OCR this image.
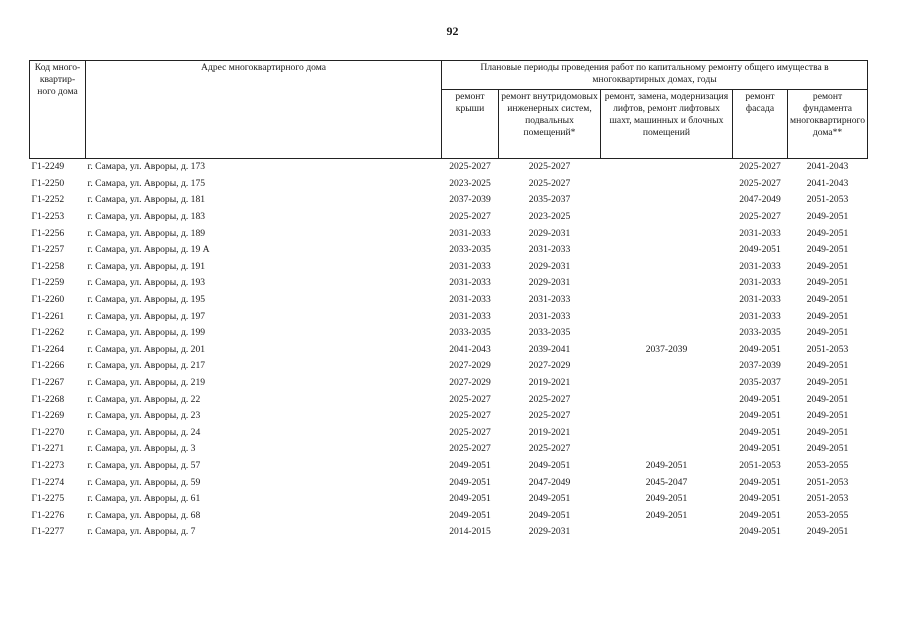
92
Код много-квартир-ного дома	Адрес многоквартирного дома	Плановые периоды проведения работ по капитальному ремонту общего имущества в многоквартирных домах, годы				
		ремонт крыши	ремонт внутридомовых инженерных систем, подвальных помещений*	ремонт, замена, модернизация лифтов, ремонт лифтовых шахт, машинных и блочных помещений	ремонт фасада	ремонт фундамента многоквартирного дома**
Г1-2249	г. Самара, ул. Авроры, д. 173	2025-2027	2025-2027		2025-2027	2041-2043
Г1-2250	г. Самара, ул. Авроры, д. 175	2023-2025	2025-2027		2025-2027	2041-2043
Г1-2252	г. Самара, ул. Авроры, д. 181	2037-2039	2035-2037		2047-2049	2051-2053
Г1-2253	г. Самара, ул. Авроры, д. 183	2025-2027	2023-2025		2025-2027	2049-2051
Г1-2256	г. Самара, ул. Авроры, д. 189	2031-2033	2029-2031		2031-2033	2049-2051
Г1-2257	г. Самара, ул. Авроры, д. 19 А	2033-2035	2031-2033		2049-2051	2049-2051
Г1-2258	г. Самара, ул. Авроры, д. 191	2031-2033	2029-2031		2031-2033	2049-2051
Г1-2259	г. Самара, ул. Авроры, д. 193	2031-2033	2029-2031		2031-2033	2049-2051
Г1-2260	г. Самара, ул. Авроры, д. 195	2031-2033	2031-2033		2031-2033	2049-2051
Г1-2261	г. Самара, ул. Авроры, д. 197	2031-2033	2031-2033		2031-2033	2049-2051
Г1-2262	г. Самара, ул. Авроры, д. 199	2033-2035	2033-2035		2033-2035	2049-2051
Г1-2264	г. Самара, ул. Авроры, д. 201	2041-2043	2039-2041	2037-2039	2049-2051	2051-2053
Г1-2266	г. Самара, ул. Авроры, д. 217	2027-2029	2027-2029		2037-2039	2049-2051
Г1-2267	г. Самара, ул. Авроры, д. 219	2027-2029	2019-2021		2035-2037	2049-2051
Г1-2268	г. Самара, ул. Авроры, д. 22	2025-2027	2025-2027		2049-2051	2049-2051
Г1-2269	г. Самара, ул. Авроры, д. 23	2025-2027	2025-2027		2049-2051	2049-2051
Г1-2270	г. Самара, ул. Авроры, д. 24	2025-2027	2019-2021		2049-2051	2049-2051
Г1-2271	г. Самара, ул. Авроры, д. 3	2025-2027	2025-2027		2049-2051	2049-2051
Г1-2273	г. Самара, ул. Авроры, д. 57	2049-2051	2049-2051	2049-2051	2051-2053	2053-2055
Г1-2274	г. Самара, ул. Авроры, д. 59	2049-2051	2047-2049	2045-2047	2049-2051	2051-2053
Г1-2275	г. Самара, ул. Авроры, д. 61	2049-2051	2049-2051	2049-2051	2049-2051	2051-2053
Г1-2276	г. Самара, ул. Авроры, д. 68	2049-2051	2049-2051	2049-2051	2049-2051	2053-2055
Г1-2277	г. Самара, ул. Авроры, д. 7	2014-2015	2029-2031		2049-2051	2049-2051
